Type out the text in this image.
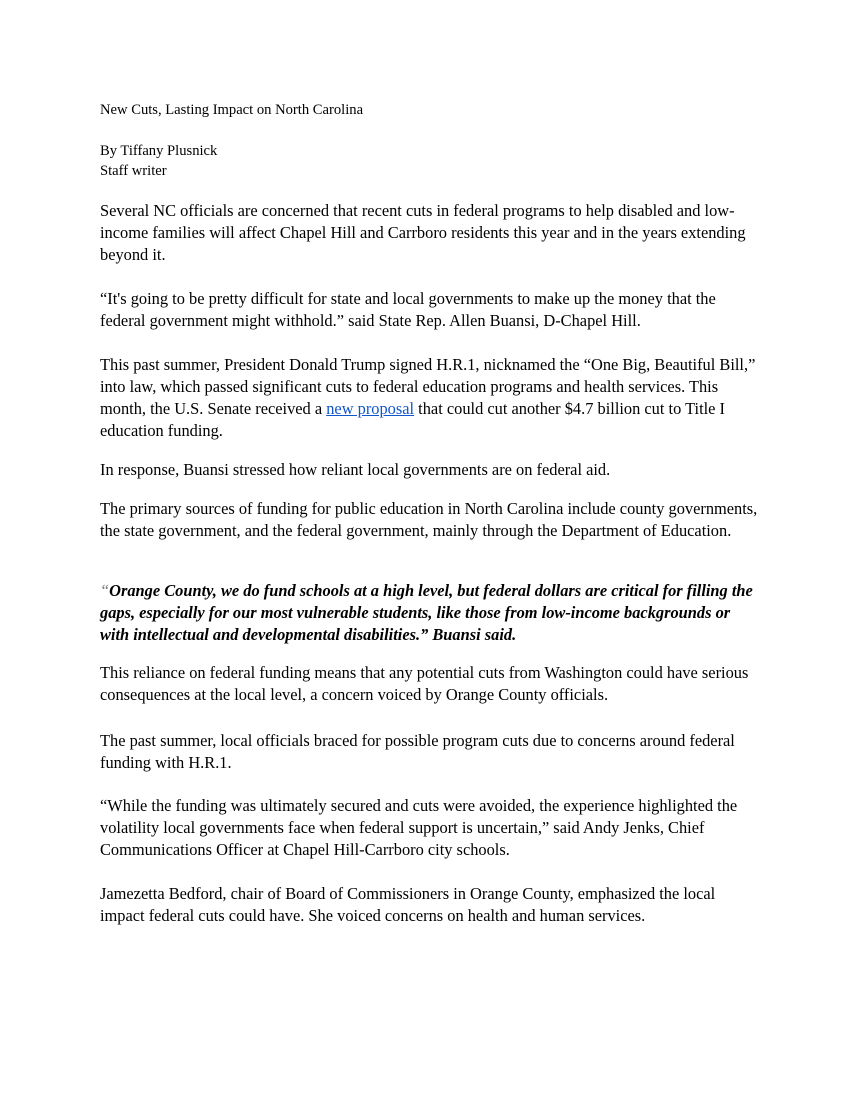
New Cuts, Lasting Impact on North Carolina

By Tiffany Plusnick
Staff writer

Several NC officials are concerned that recent cuts in federal programs to help disabled and low-income families will affect Chapel Hill and Carrboro residents this year and in the years extending beyond it.

“It's going to be pretty difficult for state and local governments to make up the money that the federal government might withhold.” said State Rep. Allen Buansi, D-Chapel Hill.

This past summer, President Donald Trump signed H.R.1, nicknamed the “One Big, Beautiful Bill,” into law, which passed significant cuts to federal education programs and health services. This month, the U.S. Senate received a new proposal that could cut another $4.7 billion cut to Title I education funding.

In response, Buansi stressed how reliant local governments are on federal aid.

The primary sources of funding for public education in North Carolina include county governments, the state government, and the federal government, mainly through the Department of Education.

“Orange County, we do fund schools at a high level, but federal dollars are critical for filling the gaps, especially for our most vulnerable students, like those from low-income backgrounds or with intellectual and developmental disabilities.” Buansi said.

This reliance on federal funding means that any potential cuts from Washington could have serious consequences at the local level, a concern voiced by Orange County officials.

The past summer, local officials braced for possible program cuts due to concerns around federal funding with H.R.1.

“While the funding was ultimately secured and cuts were avoided, the experience highlighted the volatility local governments face when federal support is uncertain,” said Andy Jenks, Chief Communications Officer at Chapel Hill-Carrboro city schools.

Jamezetta Bedford, chair of Board of Commissioners in Orange County, emphasized the local impact federal cuts could have. She voiced concerns on health and human services.
